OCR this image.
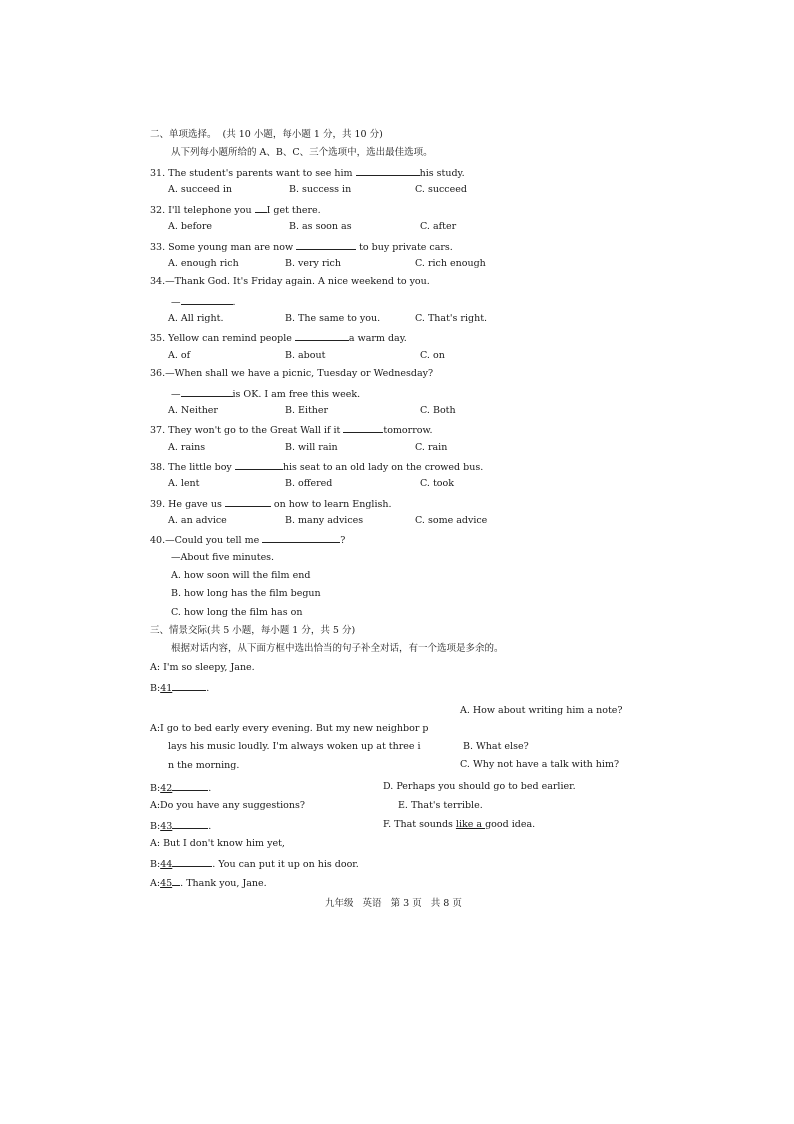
二、单项选择。  (共 10 小题，每小题 1 分，共 10 分)
从下列每小题所给的 A、B、C、三个选项中，选出最佳选项。
31. The student's parents want to see him	his study.
A. succeed in	B. success in	C. succeed
32. I'll telephone you I get there.
A. before	B. as soon as	C. after
33. Some young man are now	to buy private cars.
A. enough rich	B. very rich	C. rich enough
34.—Thank God. It's Friday again. A nice weekend to you.
—	.
A. All right.	B. The same to you.	C. That's right.
35. Yellow can remind people	a warm day.
A. of	B. about	C. on
36.—When shall we have a picnic, Tuesday or Wednesday?
—	is OK. I am free this week.
A. Neither	B. Either	C. Both
37. They won't go to the Great Wall if it	tomorrow.
A. rains	B. will rain	C. rain
38. The little boy	his seat to an old lady on the crowed bus.
A. lent	B. offered	C. took
39. He gave us	on how to learn English.
A. an advice	B. many advices	C. some advice
40.—Could you tell me	?
—About five minutes.
A. how soon will the film end
B. how long has the film begun
C. how long the film has on
三、情景交际(共 5 小题，每小题 1 分，共 5 分)
根据对话内容，从下面方框中选出恰当的句子补全对话，有一个选项是多余的。
A: I'm so sleepy, Jane.
B:41	.
A. How about writing him a note?
A:I go to bed early every evening. But my new neighbor p
lays his music loudly. I'm always woken up at three i	B. What else?
C. Why not have a talk with him?
n the morning.
B:42	.	D. Perhaps you should go to bed earlier.
A:Do you have any suggestions?	E. That's terrible.
B:43	.	F. That sounds like a good idea.
A: But I don't know him yet,
B:44	. You can put it up on his door.
A:45 . Thank you, Jane.
九年级   英语   第 3 页   共 8 页
